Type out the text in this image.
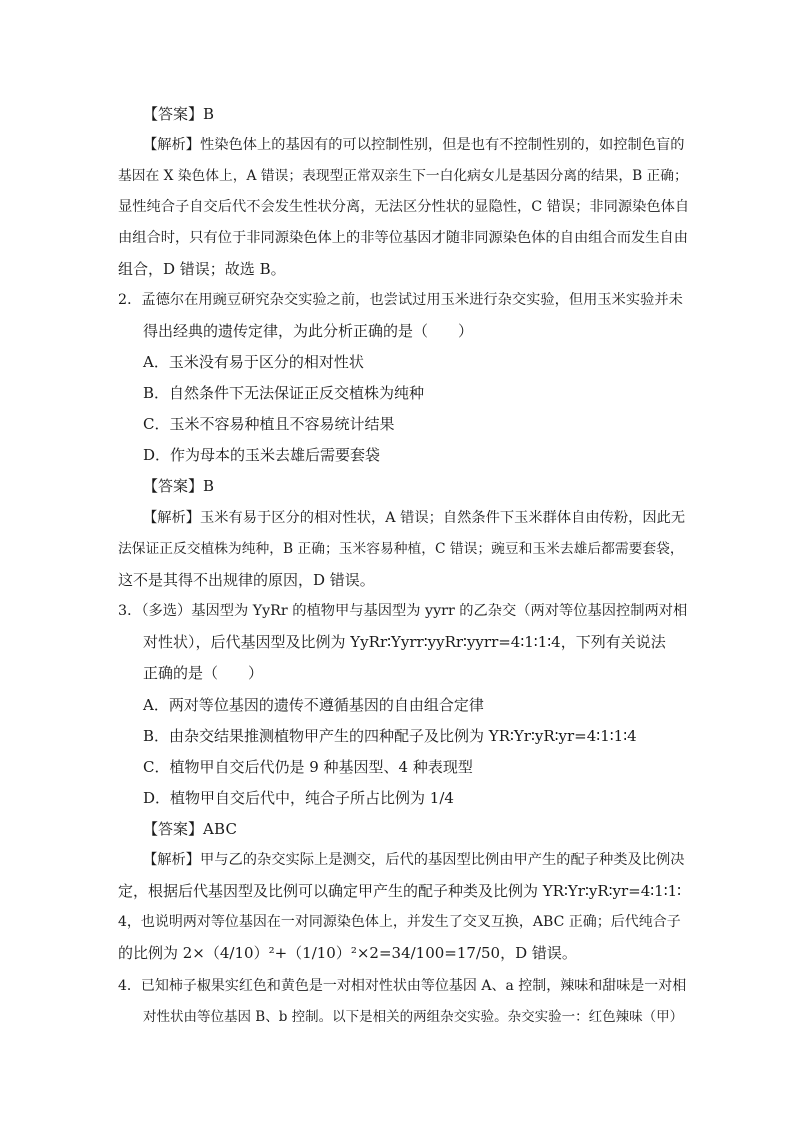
【答案】B
【解析】性染色体上的基因有的可以控制性别，但是也有不控制性别的，如控制色盲的
基因在 X 染色体上，A 错误；表现型正常双亲生下一白化病女儿是基因分离的结果，B 正确；
显性纯合子自交后代不会发生性状分离，无法区分性状的显隐性，C 错误；非同源染色体自
由组合时，只有位于非同源染色体上的非等位基因才随非同源染色体的自由组合而发生自由
组合，D 错误；故选 B。
2．孟德尔在用豌豆研究杂交实验之前，也尝试过用玉米进行杂交实验，但用玉米实验并未
得出经典的遗传定律，为此分析正确的是（　　）
A．玉米没有易于区分的相对性状
B．自然条件下无法保证正反交植株为纯种
C．玉米不容易种植且不容易统计结果
D．作为母本的玉米去雄后需要套袋
【答案】B
【解析】玉米有易于区分的相对性状，A 错误；自然条件下玉米群体自由传粉，因此无
法保证正反交植株为纯种，B 正确；玉米容易种植，C 错误；豌豆和玉米去雄后都需要套袋，
这不是其得不出规律的原因，D 错误。
3．（多选）基因型为 YyRr 的植物甲与基因型为 yyrr 的乙杂交（两对等位基因控制两对相
对性状），后代基因型及比例为 YyRr∶Yyrr∶yyRr∶yyrr=4∶1∶1∶4，下列有关说法
正确的是（　　）
A．两对等位基因的遗传不遵循基因的自由组合定律
B．由杂交结果推测植物甲产生的四种配子及比例为 YR∶Yr∶yR∶yr=4∶1∶1∶4
C．植物甲自交后代仍是 9 种基因型、4 种表现型
D．植物甲自交后代中，纯合子所占比例为 1/4
【答案】ABC
【解析】甲与乙的杂交实际上是测交，后代的基因型比例由甲产生的配子种类及比例决
定，根据后代基因型及比例可以确定甲产生的配子种类及比例为 YR∶Yr∶yR∶yr=4∶1∶1∶
4，也说明两对等位基因在一对同源染色体上，并发生了交叉互换，ABC 正确；后代纯合子
的比例为 2×（4/10）²+（1/10）²×2=34/100=17/50，D 错误。
4．已知柿子椒果实红色和黄色是一对相对性状由等位基因 A、a 控制，辣味和甜味是一对相
对性状由等位基因 B、b 控制。以下是相关的两组杂交实验。杂交实验一：红色辣味（甲）
